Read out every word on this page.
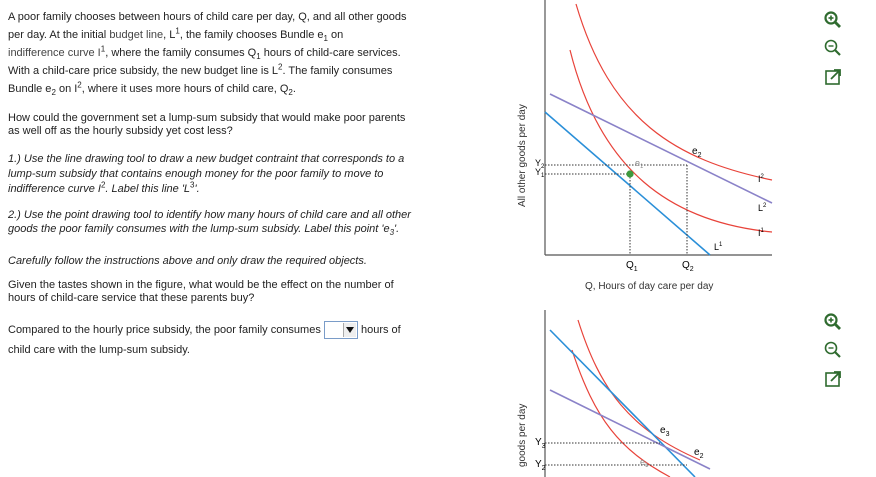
A poor family chooses between hours of child care per day, Q, and all other goods

per day. At the initial budget line, $L^1$, the family chooses Bundle $e_1$ on

indifference curve $I^1$, where the family consumes $Q_1$ hours of child-care services.

With a child-care price subsidy, the new budget line is $L^2$. The family consumes

Bundle $e_2$ on $I^2$, where it uses more hours of child care, $Q_2$.

How could the government set a lump-sum subsidy that would make poor parents

as well off as the hourly subsidy yet cost less?

1.) Use the line drawing tool to draw a new budget contraint that corresponds to a

lump-sum subsidy that contains enough money for the poor family to move to

indifference curve $I^2$. Label this line '$L^3$'.

2.) Use the point drawing tool to identify how many hours of child care and all other

goods the poor family consumes with the lump-sum subsidy. Label this point '$e_3$'.

Carefully follow the instructions above and only draw the required objects.

Given the tastes shown in the figure, what would be the effect on the number of

hours of child-care service that these parents buy?

Compared to the hourly price subsidy, the poor family consumes	hours of

child care with the lump-sum subsidy.

All other goods per day	$e_1$
$e_2$
$Y_2$
$Y_1$
$Q_1$	$Q_2$
Q, Hours of day care per day
$I^2$
$L^2$
$I^1$
$L^1$
goods per day	$e_3$
$e_2$
$e_1$
$Y_3$
$Y_2$
